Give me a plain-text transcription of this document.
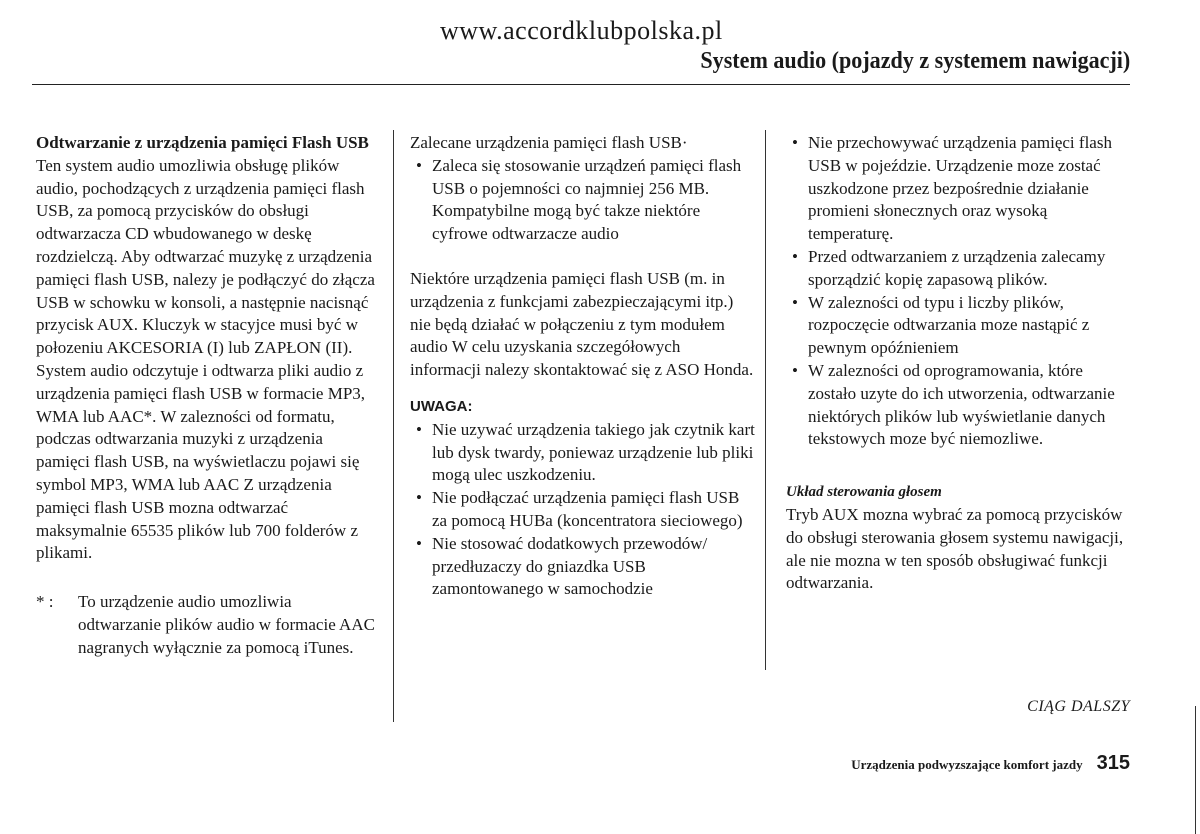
www.accordklubpolska.pl
System audio (pojazdy z systemem nawigacji)

Odtwarzanie z urządzenia pamięci Flash USB

Ten system audio umozliwia obsługę plików audio, pochodzących z urządzenia pamięci flash USB, za pomocą przycisków do obsługi odtwarzacza CD wbudowanego w deskę rozdzielczą. Aby odtwarzać muzykę z urządzenia pamięci flash USB, nalezy je podłączyć do złącza USB w schowku w konsoli, a następnie nacisnąć przycisk AUX. Kluczyk w stacyjce musi być w połozeniu AKCESORIA (I) lub ZAPŁON (II). System audio odczytuje i odtwarza pliki audio z urządzenia pamięci flash USB w formacie MP3, WMA lub AAC*. W zalezności od formatu, podczas odtwarzania muzyki z urządzenia pamięci flash USB, na wyświetlaczu pojawi się symbol MP3, WMA lub AAC Z urządzenia pamięci flash USB mozna odtwarzać maksymalnie 65535 plików lub 700 folderów z plikami.

* :	To urządzenie audio umozliwia odtwarzanie plików audio w formacie AAC nagranych wyłącznie za pomocą iTunes.

Zalecane urządzenia pamięci flash USB·

• Zaleca się stosowanie urządzeń pamięci flash USB o pojemności co najmniej 256 MB. Kompatybilne mogą być takze niektóre cyfrowe odtwarzacze audio

Niektóre urządzenia pamięci flash USB (m. in urządzenia z funkcjami zabezpieczającymi itp.) nie będą działać w połączeniu z tym modułem audio W celu uzyskania szczegółowych informacji nalezy skontaktować się z ASO Honda.

UWAGA:

• Nie uzywać urządzenia takiego jak czytnik kart lub dysk twardy, poniewaz urządzenie lub pliki mogą ulec uszkodzeniu.
• Nie podłączać urządzenia pamięci flash USB za pomocą HUBa (koncentratora sieciowego)
• Nie stosować dodatkowych przewodów/ przedłuzaczy do gniazdka USB zamontowanego w samochodzie
• Nie przechowywać urządzenia pamięci flash USB w pojeździe. Urządzenie moze zostać uszkodzone przez bezpośrednie działanie promieni słonecznych oraz wysoką temperaturę.
• Przed odtwarzaniem z urządzenia zalecamy sporządzić kopię zapasową plików.
• W zalezności od typu i liczby plików, rozpoczęcie odtwarzania moze nastąpić z pewnym opóźnieniem
• W zalezności od oprogramowania, które zostało uzyte do ich utworzenia, odtwarzanie niektórych plików lub wyświetlanie danych tekstowych moze być niemozliwe.

Układ sterowania głosem

Tryb AUX mozna wybrać za pomocą przycisków do obsługi sterowania głosem systemu nawigacji, ale nie mozna w ten sposób obsługiwać funkcji odtwarzania.

CIĄG DALSZY
Urządzenia podwyzszające komfort jazdy 315
